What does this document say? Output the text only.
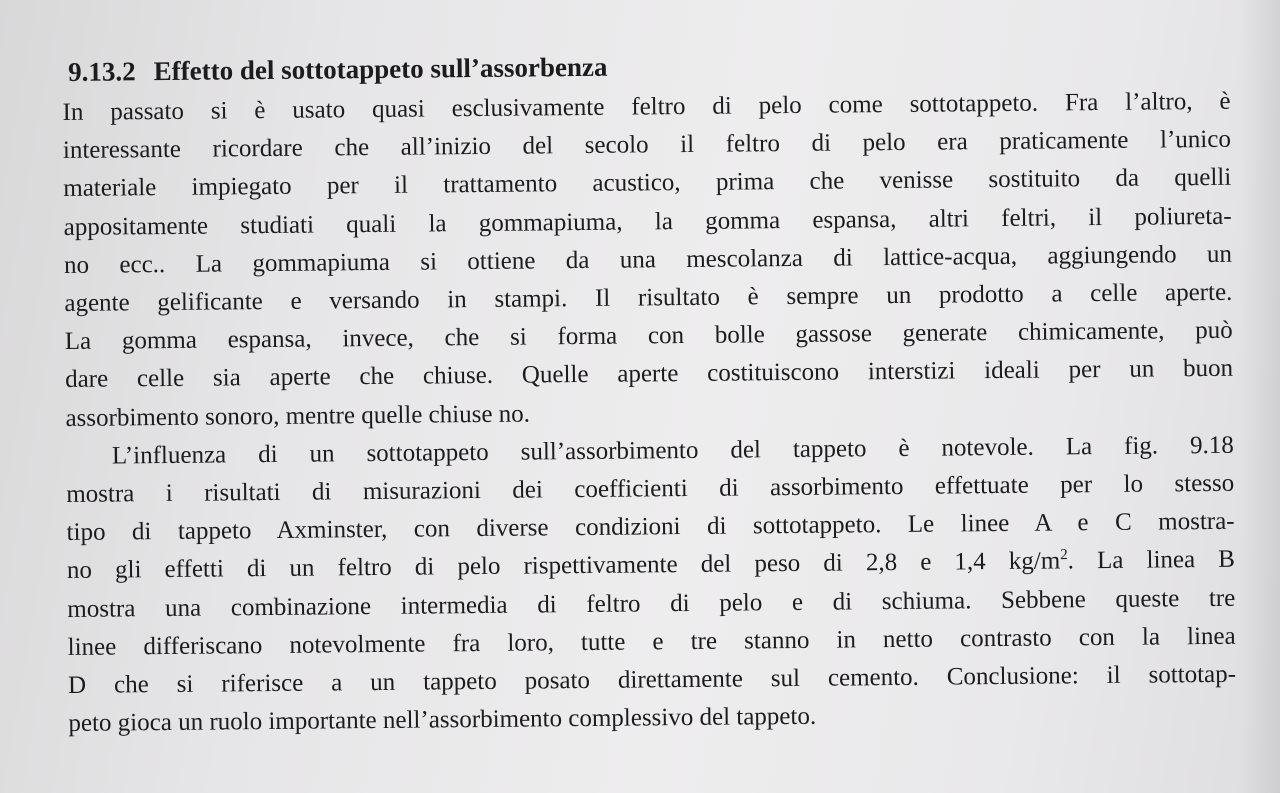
9.13.2 Effetto del sottotappeto sull’assorbenza

In passato si è usato quasi esclusivamente feltro di pelo come sottotappeto. Fra l’altro, è
interessante ricordare che all’inizio del secolo il feltro di pelo era praticamente l’unico
materiale impiegato per il trattamento acustico, prima che venisse sostituito da quelli
appositamente studiati quali la gommapiuma, la gomma espansa, altri feltri, il poliureta-
no ecc.. La gommapiuma si ottiene da una mescolanza di lattice-acqua, aggiungendo un
agente gelificante e versando in stampi. Il risultato è sempre un prodotto a celle aperte.
La gomma espansa, invece, che si forma con bolle gassose generate chimicamente, può
dare celle sia aperte che chiuse. Quelle aperte costituiscono interstizi ideali per un buon
assorbimento sonoro, mentre quelle chiuse no.

L’influenza di un sottotappeto sull’assorbimento del tappeto è notevole. La fig. 9.18
mostra i risultati di misurazioni dei coefficienti di assorbimento effettuate per lo stesso
tipo di tappeto Axminster, con diverse condizioni di sottotappeto. Le linee A e C mostra-
no gli effetti di un feltro di pelo rispettivamente del peso di 2,8 e 1,4 $kg/m^2$. La linea B
mostra una combinazione intermedia di feltro di pelo e di schiuma. Sebbene queste tre
linee differiscano notevolmente fra loro, tutte e tre stanno in netto contrasto con la linea
D che si riferisce a un tappeto posato direttamente sul cemento. Conclusione: il sottotap-
peto gioca un ruolo importante nell’assorbimento complessivo del tappeto.
